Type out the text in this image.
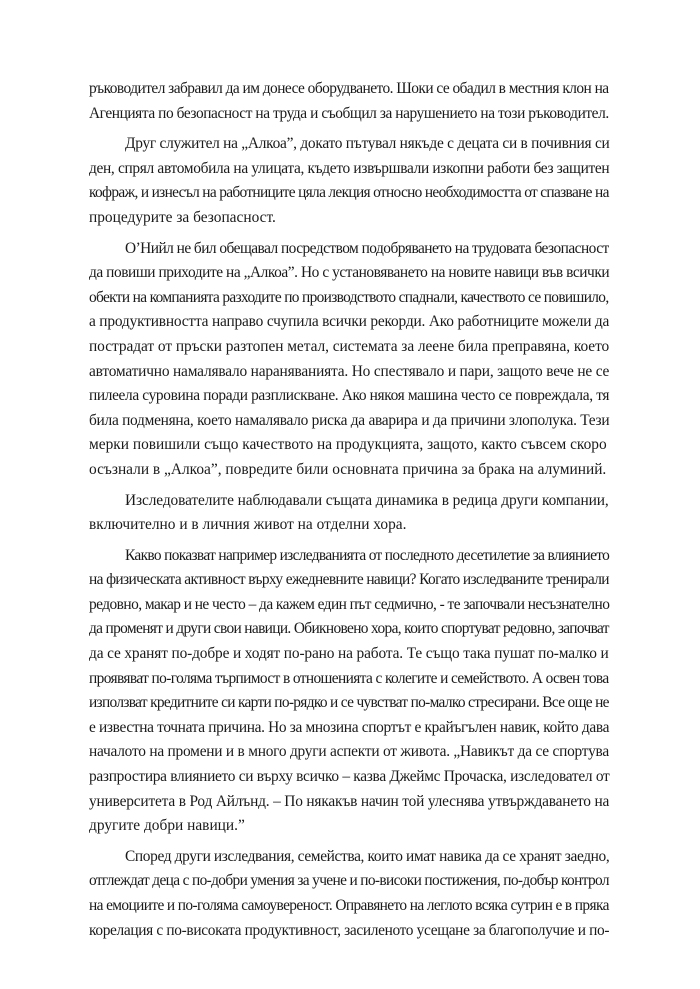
ръководител забравил да им донесе оборудването. Шоки се обадил в местния клон на
Агенцията по безопасност на труда и съобщил за нарушението на този ръководител.
Друг служител на „Алкоа”, докато пътувал някъде с децата си в почивния си
ден, спрял автомобила на улицата, където извършвали изкопни работи без защитен
кофраж, и изнесъл на работниците цяла лекция относно необходимостта от спазване на
процедурите за безопасност.
О’Нийл не бил обещавал посредством подобряването на трудовата безопасност
да повиши приходите на „Алкоа”. Но с установяването на новите навици във всички
обекти на компанията разходите по производството спаднали, качеството се повишило,
а продуктивността направо счупила всички рекорди. Ако работниците можели да
пострадат от пръски разтопен метал, системата за леене била преправяна, което
автоматично намалявало нараняванията. Но спестявало и пари, защото вече не се
пилеела суровина поради разплискване. Ако някоя машина често се повреждала, тя
била подменяна, което намалявало риска да аварира и да причини злополука. Тези
мерки повишили също качеството на продукцията, защото, както съвсем скоро
осъзнали в „Алкоа”, повредите били основната причина за брака на алуминий.
Изследователите наблюдавали същата динамика в редица други компании,
включително и в личния живот на отделни хора.
Какво показват например изследванията от последното десетилетие за влиянието
на физическата активност върху ежедневните навици? Когато изследваните тренирали
редовно, макар и не често – да кажем един път седмично, - те започвали несъзнателно
да променят и други свои навици. Обикновено хора, които спортуват редовно, започват
да се хранят по-добре и ходят по-рано на работа. Те също така пушат по-малко и
проявяват по-голяма търпимост в отношенията с колегите и семейството. А освен това
използват кредитните си карти по-рядко и се чувстват по-малко стресирани. Все още не
е известна точната причина. Но за мнозина спортът е крайъгълен навик, който дава
началото на промени и в много други аспекти от живота. „Навикът да се спортува
разпростира влиянието си върху всичко – казва Джеймс Прочаска, изследовател от
университета в Род Айлънд. – По някакъв начин той улеснява утвърждаването на
другите добри навици.”
Според други изследвания, семейства, които имат навика да се хранят заедно,
отглеждат деца с по-добри умения за учене и по-високи постижения, по-добър контрол
на емоциите и по-голяма самоувереност. Оправянето на леглото всяка сутрин е в пряка
корелация с по-високата продуктивност, засиленото усещане за благополучие и по-
